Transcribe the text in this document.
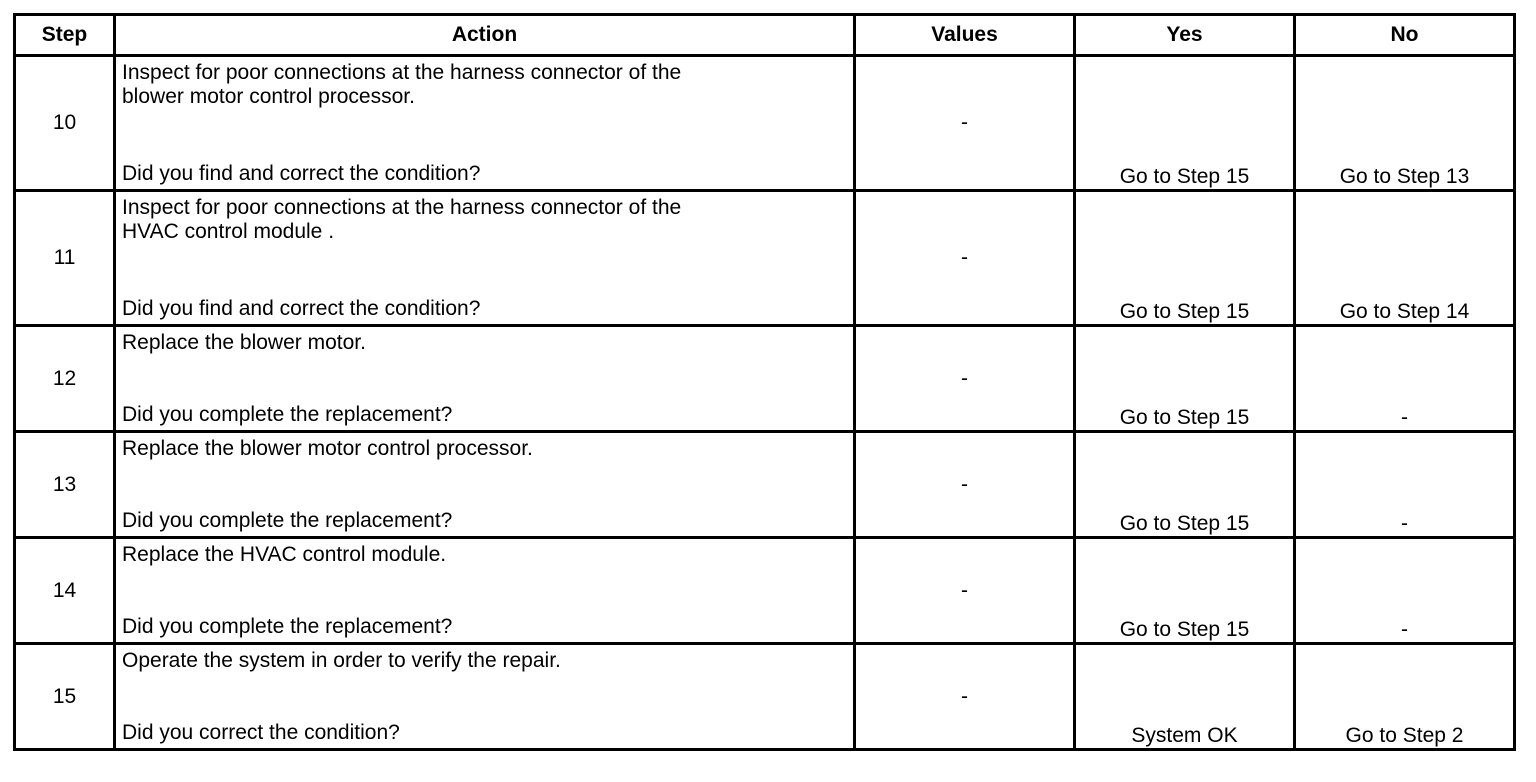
Step	Action	Values	Yes	No
10	Inspect for poor connections at the harness connector of the
blower motor control processor.
Did you find and correct the condition?	-	Go to Step 15	Go to Step 13
11	Inspect for poor connections at the harness connector of the
HVAC control module .
Did you find and correct the condition?	-	Go to Step 15	Go to Step 14
12	Replace the blower motor.
Did you complete the replacement?	-	Go to Step 15	-
13	Replace the blower motor control processor.
Did you complete the replacement?	-	Go to Step 15	-
14	Replace the HVAC control module.
Did you complete the replacement?	-	Go to Step 15	-
15	Operate the system in order to verify the repair.
Did you correct the condition?	-	System OK	Go to Step 2
